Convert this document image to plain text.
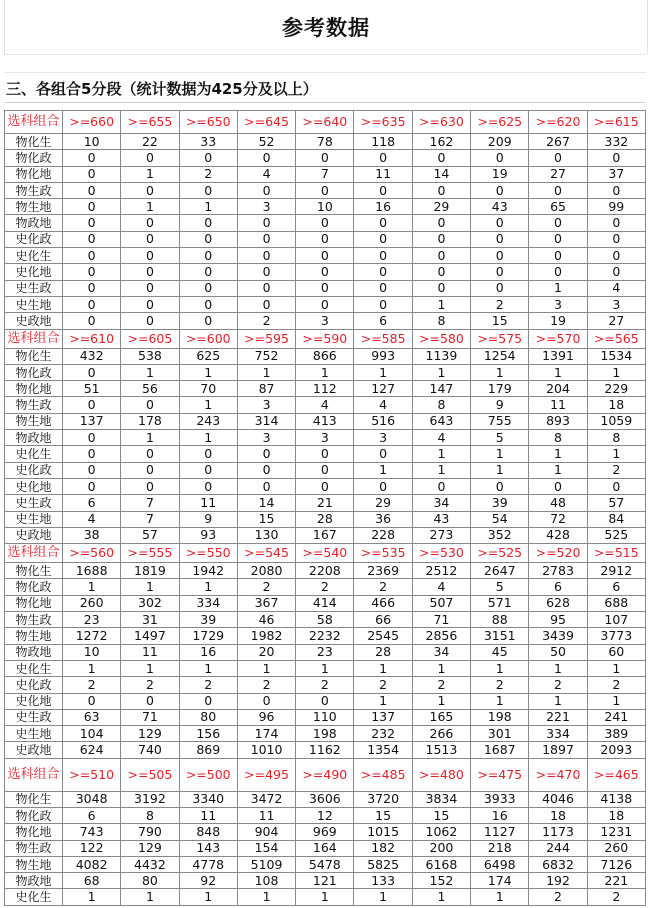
参考数据
三、各组合5分段（统计数据为425分及以上）
选科组合	>=660	>=655	>=650	>=645	>=640	>=635	>=630	>=625	>=620	>=615
物化生	10	22	33	52	78	118	162	209	267	332
物化政	0	0	0	0	0	0	0	0	0	0
物化地	0	1	2	4	7	11	14	19	27	37
物生政	0	0	0	0	0	0	0	0	0	0
物生地	0	1	1	3	10	16	29	43	65	99
物政地	0	0	0	0	0	0	0	0	0	0
史化政	0	0	0	0	0	0	0	0	0	0
史化生	0	0	0	0	0	0	0	0	0	0
史化地	0	0	0	0	0	0	0	0	0	0
史生政	0	0	0	0	0	0	0	0	1	4
史生地	0	0	0	0	0	0	1	2	3	3
史政地	0	0	0	2	3	6	8	15	19	27
选科组合	>=610	>=605	>=600	>=595	>=590	>=585	>=580	>=575	>=570	>=565
物化生	432	538	625	752	866	993	1139	1254	1391	1534
物化政	0	1	1	1	1	1	1	1	1	1
物化地	51	56	70	87	112	127	147	179	204	229
物生政	0	0	1	3	4	4	8	9	11	18
物生地	137	178	243	314	413	516	643	755	893	1059
物政地	0	1	1	3	3	3	4	5	8	8
史化生	0	0	0	0	0	0	1	1	1	1
史化政	0	0	0	0	0	1	1	1	1	2
史化地	0	0	0	0	0	0	0	0	0	0
史生政	6	7	11	14	21	29	34	39	48	57
史生地	4	7	9	15	28	36	43	54	72	84
史政地	38	57	93	130	167	228	273	352	428	525
选科组合	>=560	>=555	>=550	>=545	>=540	>=535	>=530	>=525	>=520	>=515
物化生	1688	1819	1942	2080	2208	2369	2512	2647	2783	2912
物化政	1	1	1	2	2	2	4	5	6	6
物化地	260	302	334	367	414	466	507	571	628	688
物生政	23	31	39	46	58	66	71	88	95	107
物生地	1272	1497	1729	1982	2232	2545	2856	3151	3439	3773
物政地	10	11	16	20	23	28	34	45	50	60
史化生	1	1	1	1	1	1	1	1	1	1
史化政	2	2	2	2	2	2	2	2	2	2
史化地	0	0	0	0	0	1	1	1	1	1
史生政	63	71	80	96	110	137	165	198	221	241
史生地	104	129	156	174	198	232	266	301	334	389
史政地	624	740	869	1010	1162	1354	1513	1687	1897	2093
选科组合	>=510	>=505	>=500	>=495	>=490	>=485	>=480	>=475	>=470	>=465
物化生	3048	3192	3340	3472	3606	3720	3834	3933	4046	4138
物化政	6	8	11	11	12	15	15	16	18	18
物化地	743	790	848	904	969	1015	1062	1127	1173	1231
物生政	122	129	143	154	164	182	200	218	244	260
物生地	4082	4432	4778	5109	5478	5825	6168	6498	6832	7126
物政地	68	80	92	108	121	133	152	174	192	221
史化生	1	1	1	1	1	1	1	1	2	2
